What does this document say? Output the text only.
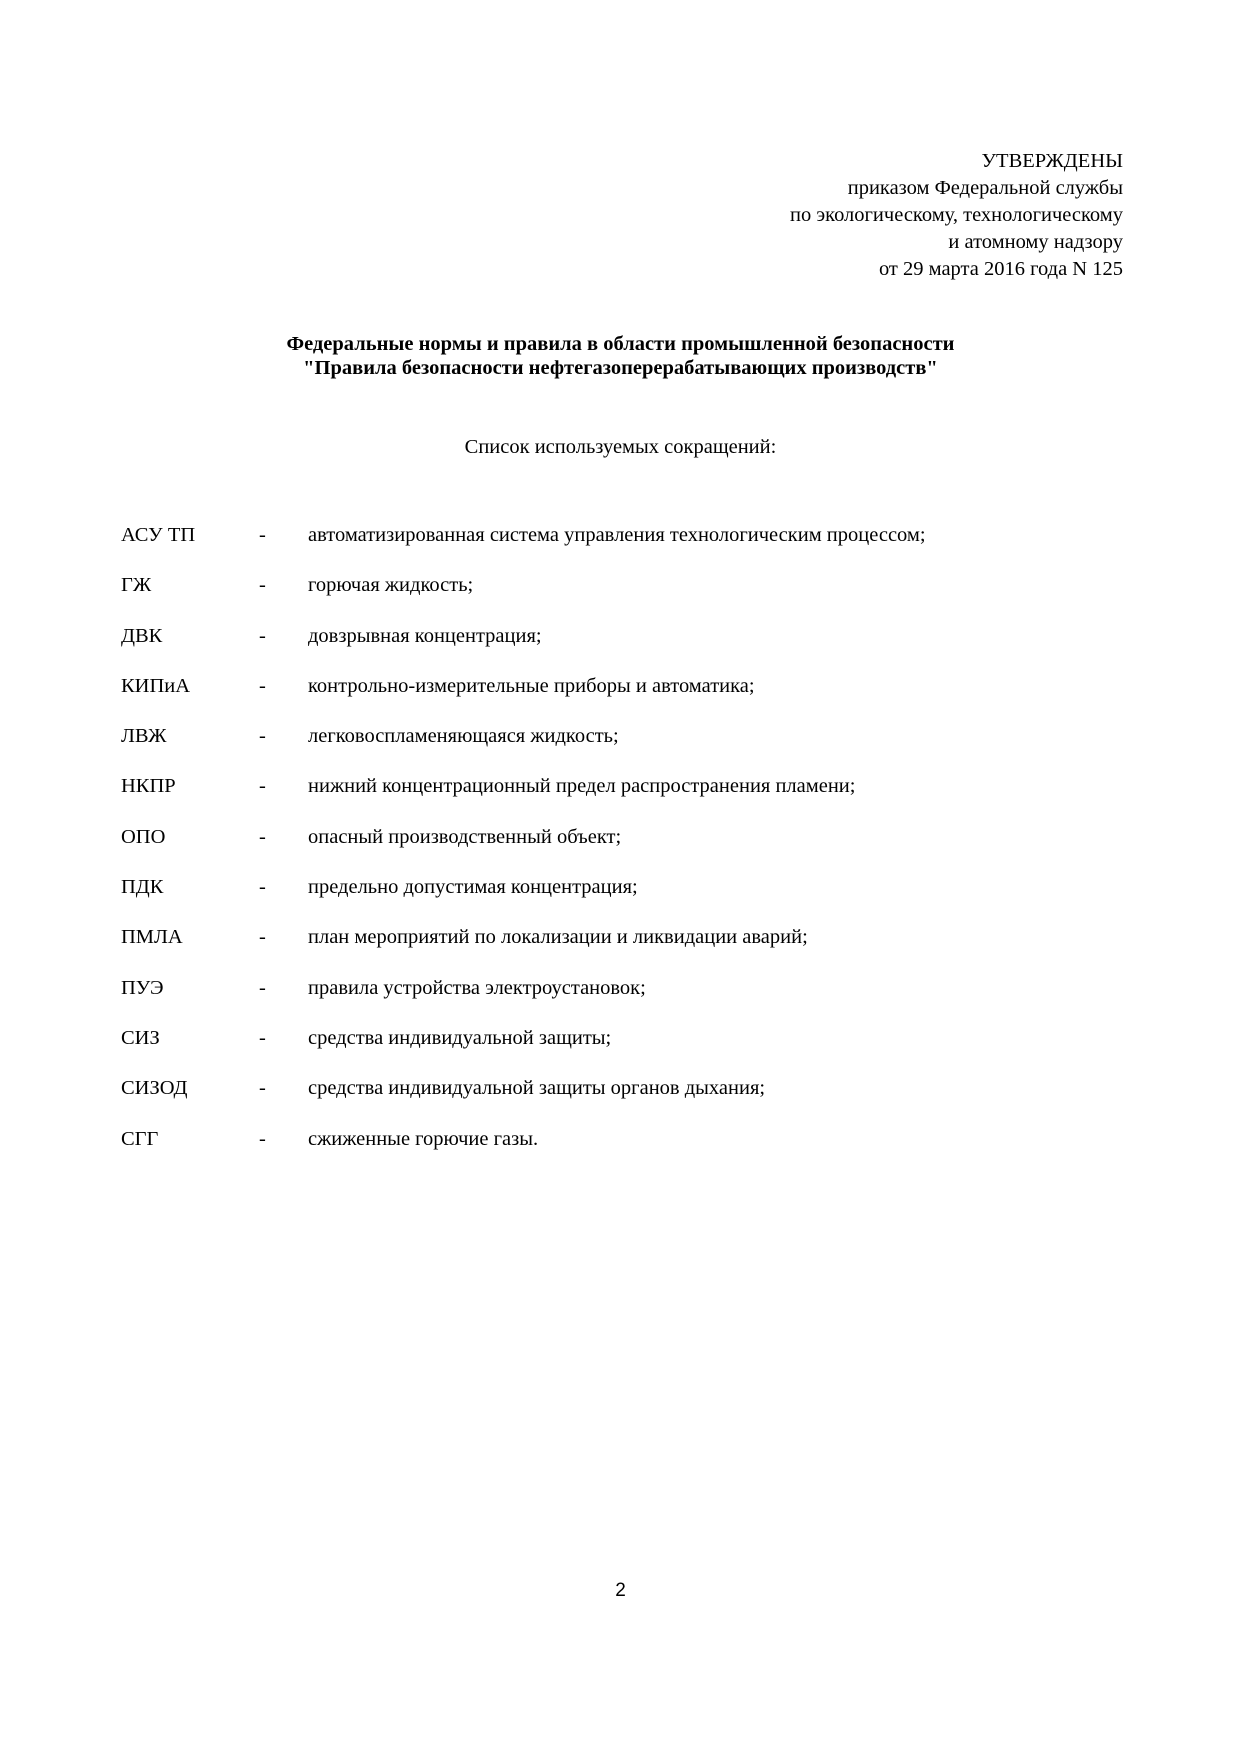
УТВЕРЖДЕНЫ
приказом Федеральной службы
по экологическому, технологическому
и атомному надзору
от 29 марта 2016 года N 125
Федеральные нормы и правила в области промышленной безопасности
"Правила безопасности нефтегазоперерабатывающих производств"
Список используемых сокращений:
АСУ ТП	- автоматизированная система управления технологическим процессом;
ГЖ	- горючая жидкость;
ДВК	- довзрывная концентрация;
КИПиА	- контрольно-измерительные приборы и автоматика;
ЛВЖ	- легковоспламеняющаяся жидкость;
НКПР	- нижний концентрационный предел распространения пламени;
ОПО	- опасный производственный объект;
ПДК	- предельно допустимая концентрация;
ПМЛА	- план мероприятий по локализации и ликвидации аварий;
ПУЭ	- правила устройства электроустановок;
СИЗ	- средства индивидуальной защиты;
СИЗОД	- средства индивидуальной защиты органов дыхания;
СГГ	- сжиженные горючие газы.
2
